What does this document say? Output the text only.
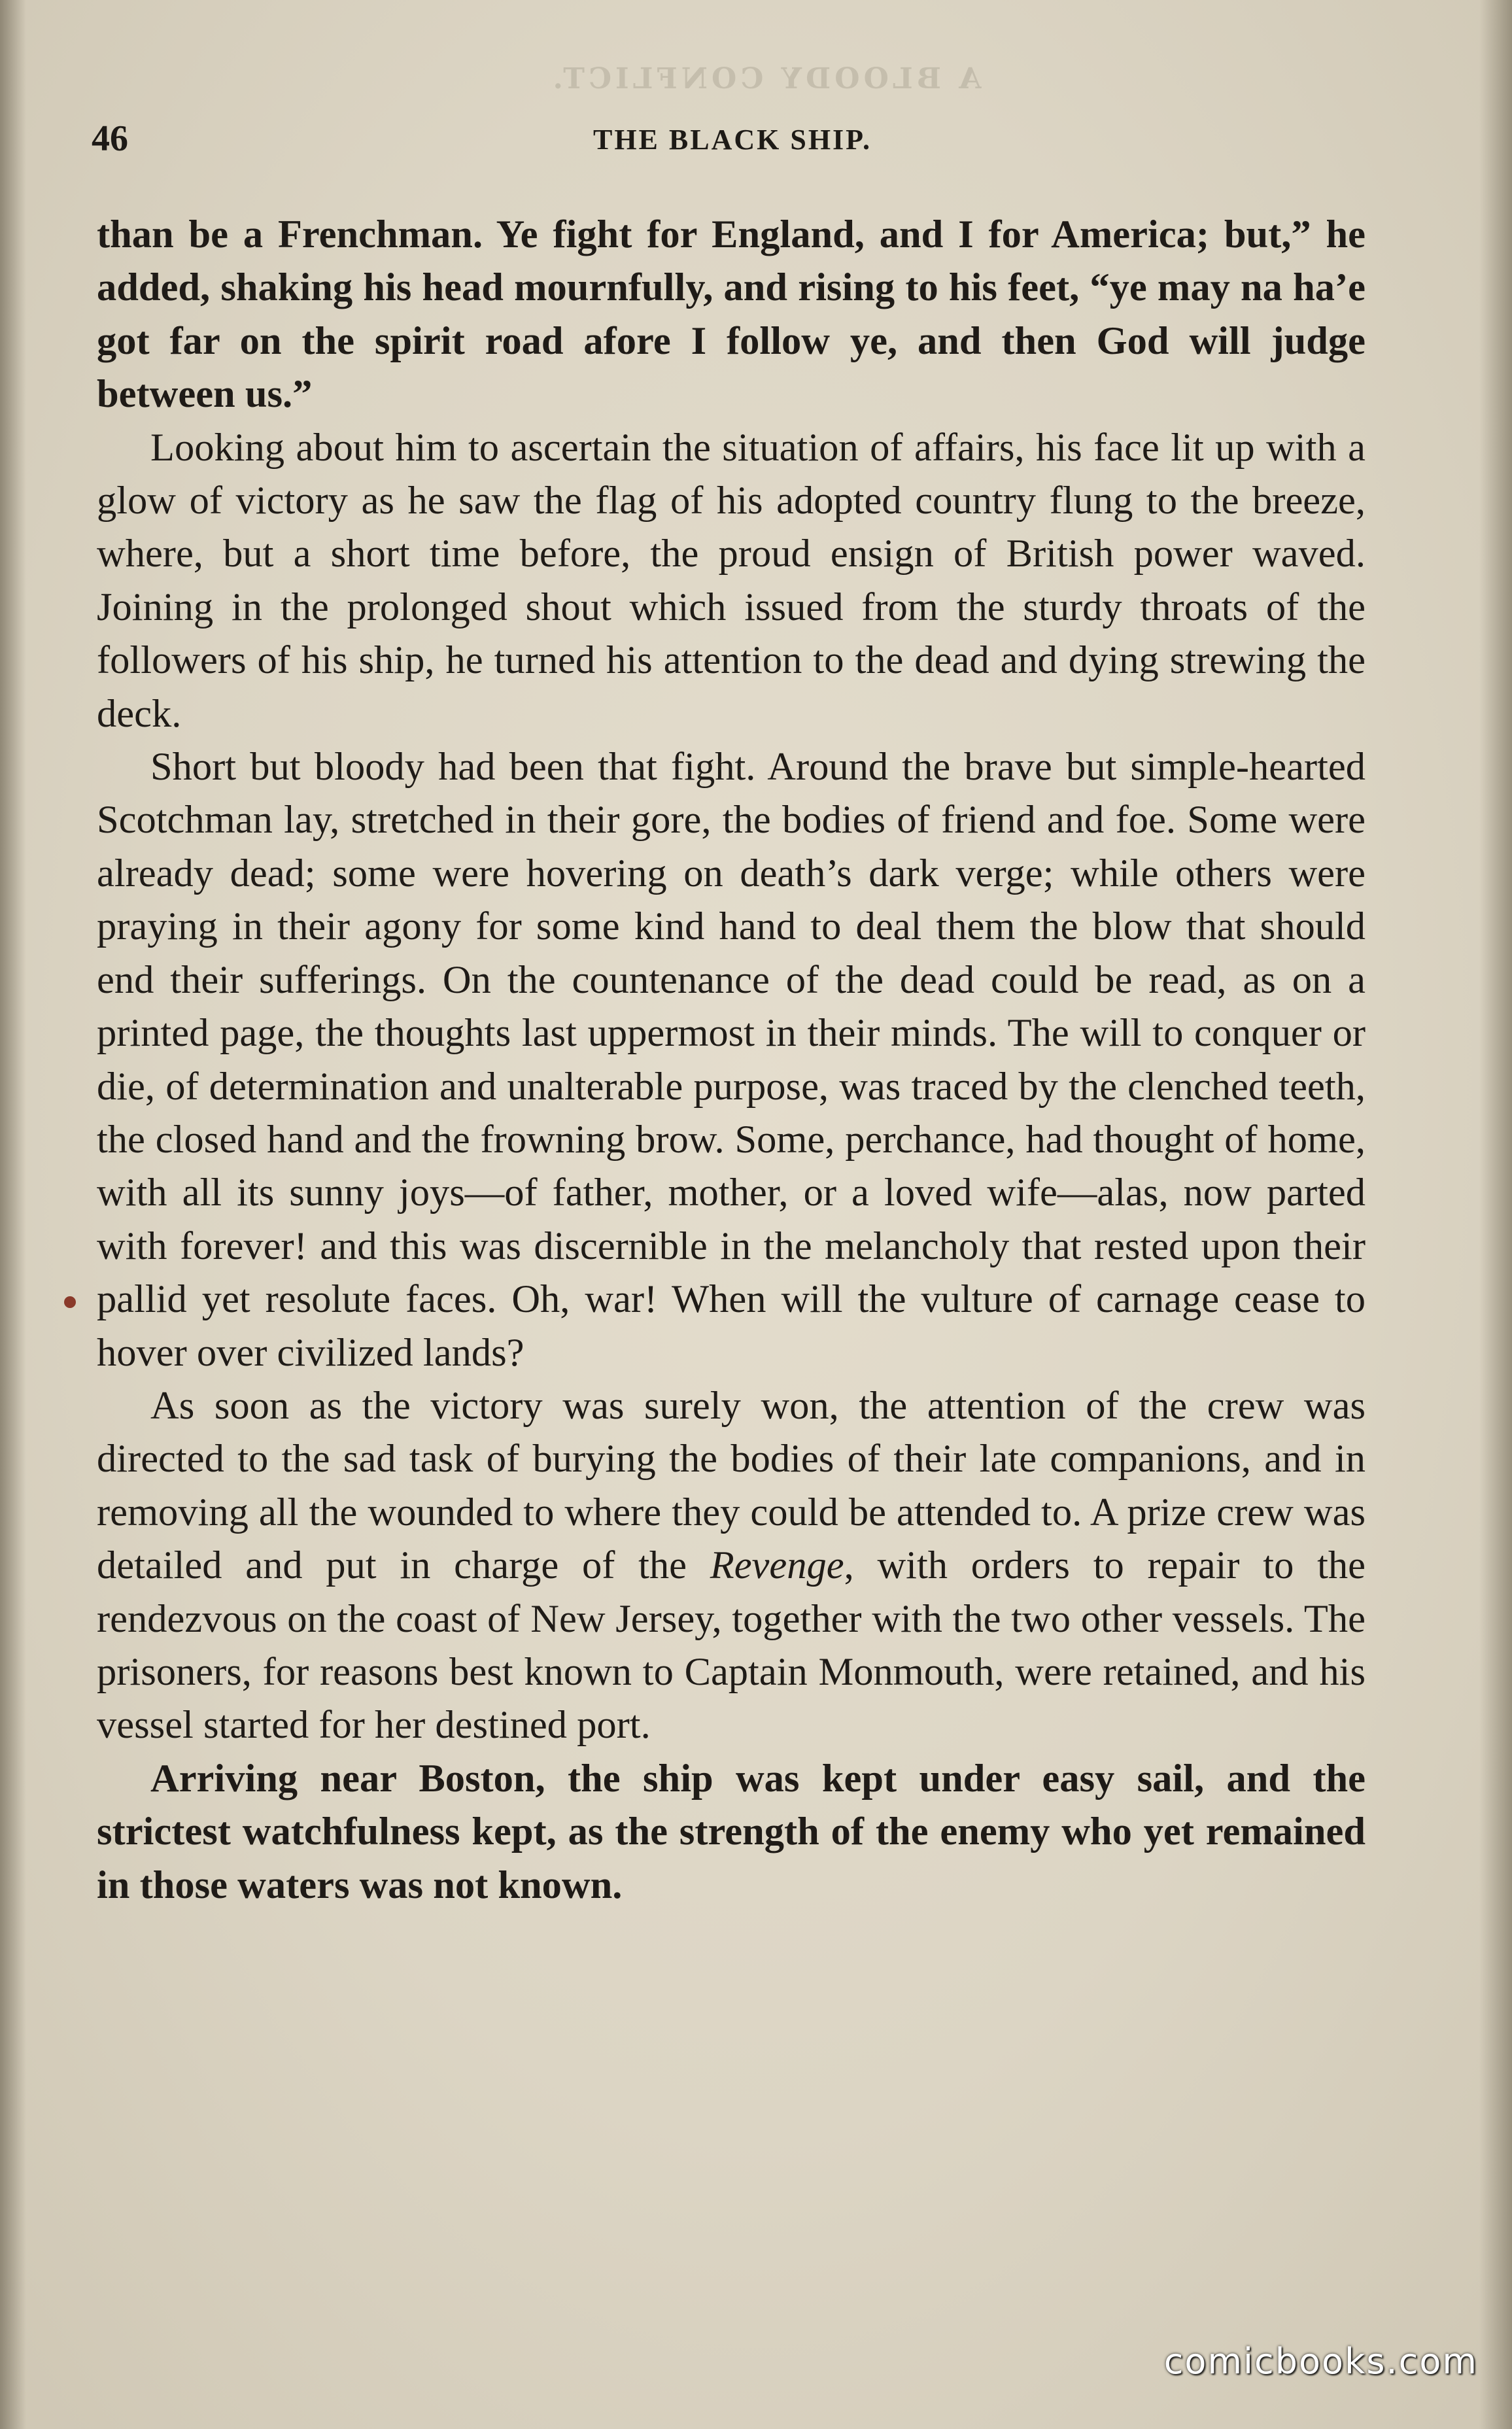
A BLOODY CONFLICT.
46	THE BLACK SHIP.

than be a Frenchman. Ye fight for England, and I for America; but,” he added, shaking his head mournfully, and rising to his feet, “ye may na ha’e got far on the spirit road afore I follow ye, and then God will judge between us.”

Looking about him to ascertain the situation of affairs, his face lit up with a glow of victory as he saw the flag of his adopted country flung to the breeze, where, but a short time before, the proud ensign of British power waved. Joining in the prolonged shout which issued from the sturdy throats of the followers of his ship, he turned his attention to the dead and dying strewing the deck.

Short but bloody had been that fight. Around the brave but simple-hearted Scotchman lay, stretched in their gore, the bodies of friend and foe. Some were already dead; some were hovering on death’s dark verge; while others were praying in their agony for some kind hand to deal them the blow that should end their sufferings. On the countenance of the dead could be read, as on a printed page, the thoughts last uppermost in their minds. The will to conquer or die, of determination and unalterable purpose, was traced by the clenched teeth, the closed hand and the frowning brow. Some, perchance, had thought of home, with all its sunny joys—of father, mother, or a loved wife—alas, now parted with forever! and this was discernible in the melancholy that rested upon their pallid yet resolute faces. Oh, war! When will the vulture of carnage cease to hover over civilized lands?

As soon as the victory was surely won, the attention of the crew was directed to the sad task of burying the bodies of their late companions, and in removing all the wounded to where they could be attended to. A prize crew was detailed and put in charge of the Revenge, with orders to repair to the rendezvous on the coast of New Jersey, together with the two other vessels. The prisoners, for reasons best known to Captain Monmouth, were retained, and his vessel started for her destined port.

Arriving near Boston, the ship was kept under easy sail, and the strictest watchfulness kept, as the strength of the enemy who yet remained in those waters was not known.

comicbooks.com
